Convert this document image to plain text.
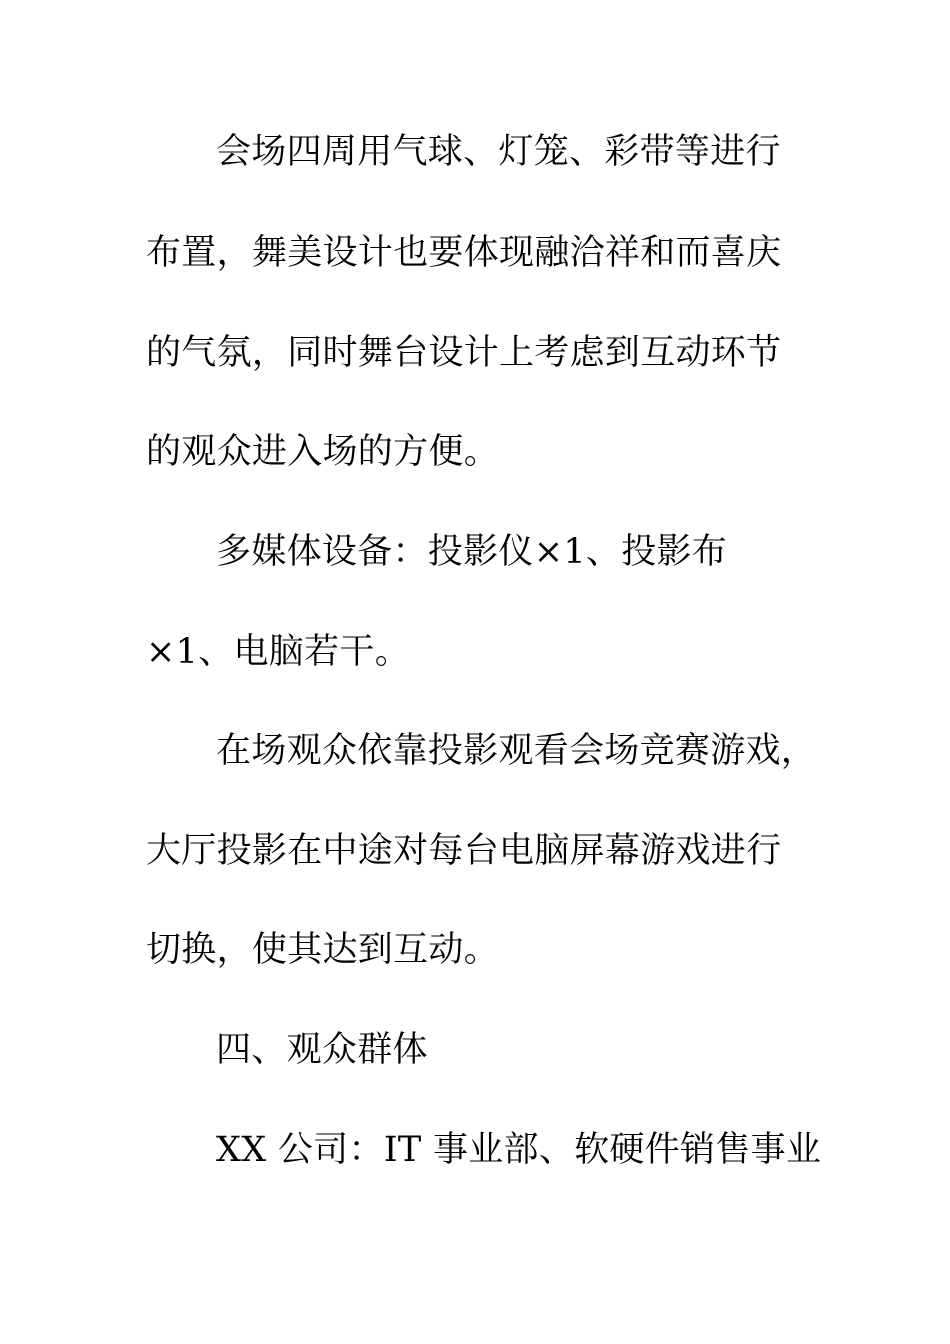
会场四周用气球、灯笼、彩带等进行
布置，舞美设计也要体现融洽祥和而喜庆
的气氛，同时舞台设计上考虑到互动环节
的观众进入场的方便。
多媒体设备：投影仪×1、投影布
×1、电脑若干。
在场观众依靠投影观看会场竞赛游戏，
大厅投影在中途对每台电脑屏幕游戏进行
切换，使其达到互动。
四、观众群体
XX 公司：IT 事业部、软硬件销售事业
